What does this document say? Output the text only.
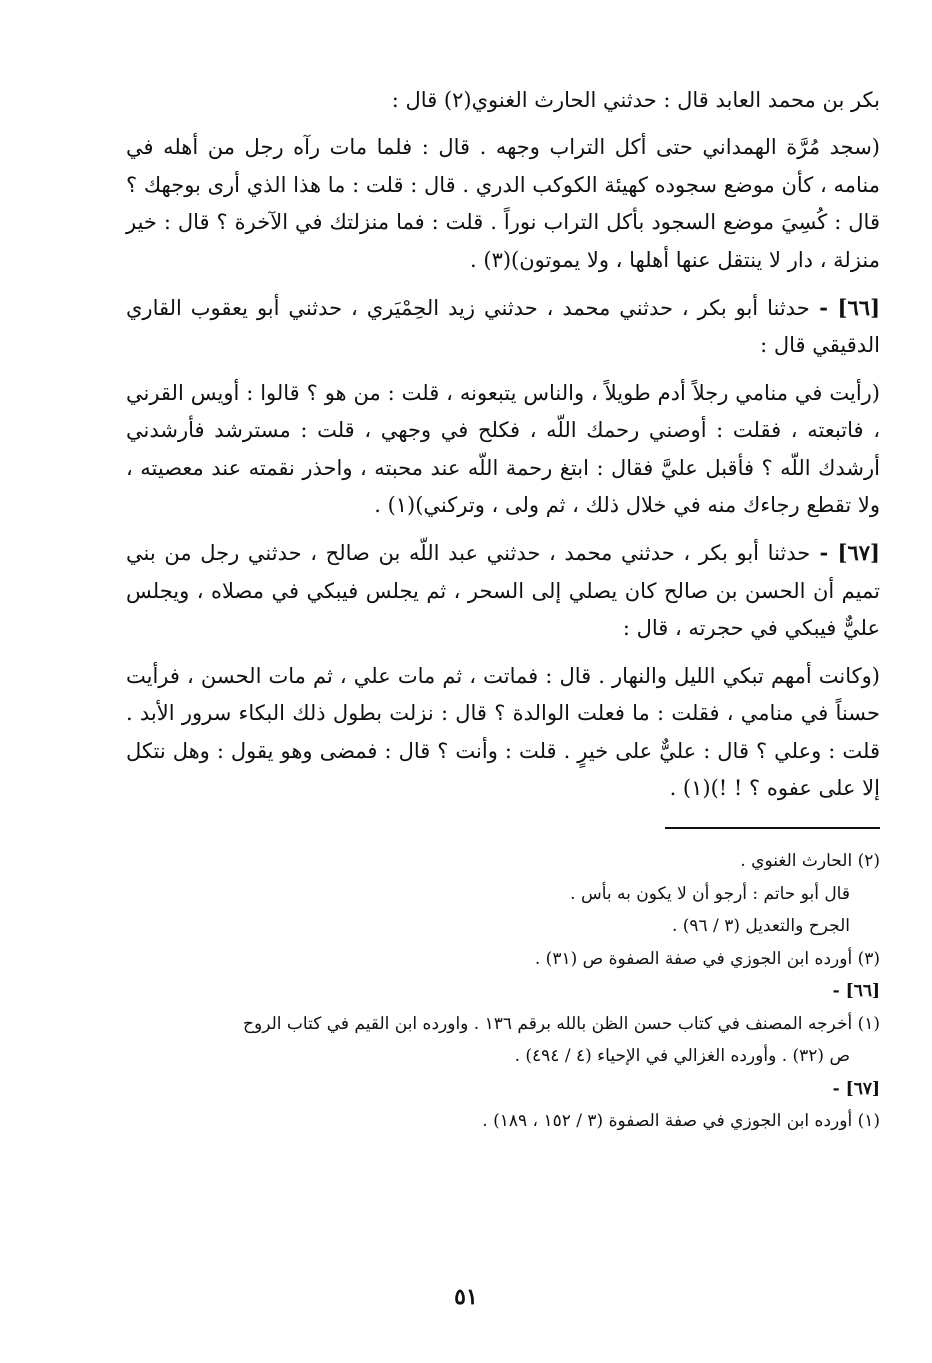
بكر بن محمد العابد قال : حدثني الحارث الغنوي(٢) قال :

(سجد مُرَّة الهمداني حتى أكل التراب وجهه . قال : فلما مات رآه رجل من أهله في منامه ، كأن موضع سجوده كهيئة الكوكب الدري . قال : قلت : ما هذا الذي أرى بوجهك ؟ قال : كُسِيَ موضع السجود بأكل التراب نوراً . قلت : فما منزلتك في الآخرة ؟ قال : خير منزلة ، دار لا ينتقل عنها أهلها ، ولا يموتون)(٣) .

[٦٦] - حدثنا أبو بكر ، حدثني محمد ، حدثني زيد الحِمْيَري ، حدثني أبو يعقوب القاري الدقيقي قال :

(رأيت في منامي رجلاً أدم طويلاً ، والناس يتبعونه ، قلت : من هو ؟ قالوا : أويس القرني ، فاتبعته ، فقلت : أوصني رحمك اللّه ، فكلح في وجهي ، قلت : مسترشد فأرشدني أرشدك اللّه ؟ فأقبل عليَّ فقال : ابتغ رحمة اللّه عند محبته ، واحذر نقمته عند معصيته ، ولا تقطع رجاءك منه في خلال ذلك ، ثم ولى ، وتركني)(١) .

[٦٧] - حدثنا أبو بكر ، حدثني محمد ، حدثني عبد اللّه بن صالح ، حدثني رجل من بني تميم أن الحسن بن صالح كان يصلي إلى السحر ، ثم يجلس فيبكي في مصلاه ، ويجلس عليٌّ فيبكي في حجرته ، قال :

(وكانت أمهم تبكي الليل والنهار . قال : فماتت ، ثم مات علي ، ثم مات الحسن ، فرأيت حسناً في منامي ، فقلت : ما فعلت الوالدة ؟ قال : نزلت بطول ذلك البكاء سرور الأبد . قلت : وعلي ؟ قال : عليٌّ على خيرٍ . قلت : وأنت ؟ قال : فمضى وهو يقول : وهل نتكل إلا على عفوه ؟ ! !)(١) .

(٢) الحارث الغنوي .

قال أبو حاتم : أرجو أن لا يكون به بأس .

الجرح والتعديل (٣ / ٩٦) .

(٣) أورده ابن الجوزي في صفة الصفوة ص (٣١) .

[٦٦] -

(١) أخرجه المصنف في كتاب حسن الظن بالله برقم ١٣٦ . واورده ابن القيم في كتاب الروح

ص (٣٢) . وأورده الغزالي في الإحياء (٤ / ٤٩٤) .

[٦٧] -

(١) أورده ابن الجوزي في صفة الصفوة (٣ / ١٥٢ ، ١٨٩) .

٥١
